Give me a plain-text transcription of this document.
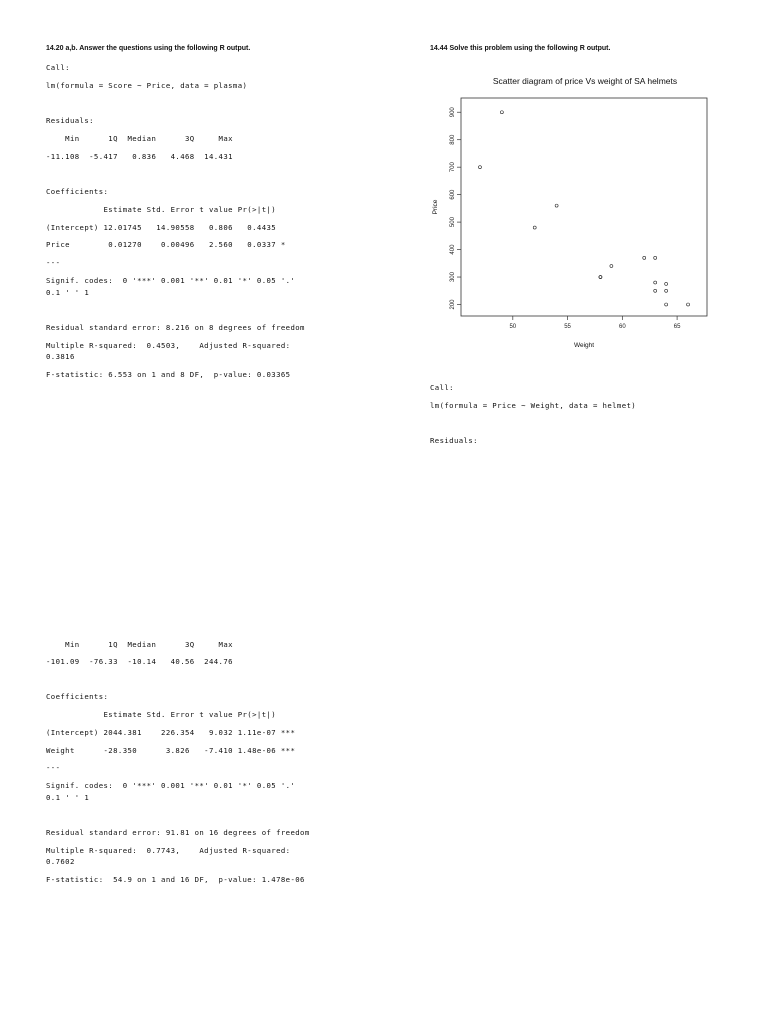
14.20 a,b. Answer the questions using the following R output.
Call:
lm(formula = Score ~ Price, data = plasma)
Residuals:
Min      1Q  Median      3Q     Max
-11.108  -5.417   0.836   4.468  14.431
Coefficients:
Estimate Std. Error t value Pr(>|t|)
(Intercept) 12.01745   14.90558   0.806   0.4435
Price        0.01270    0.00496   2.560   0.0337 *
---
Signif. codes:  0 '***' 0.001 '**' 0.01 '*' 0.05 '.'
0.1 ' ' 1
Residual standard error: 8.216 on 8 degrees of freedom
Multiple R-squared:  0.4503,    Adjusted R-squared:
0.3816
F-statistic: 6.553 on 1 and 8 DF,  p-value: 0.03365
Min      1Q  Median      3Q     Max
-101.09  -76.33  -10.14   40.56  244.76
Coefficients:
Estimate Std. Error t value Pr(>|t|)
(Intercept) 2044.381    226.354   9.032 1.11e-07 ***
Weight      -28.350      3.826   -7.410 1.48e-06 ***
---
Signif. codes:  0 '***' 0.001 '**' 0.01 '*' 0.05 '.'
0.1 ' ' 1
Residual standard error: 91.81 on 16 degrees of freedom
Multiple R-squared:  0.7743,    Adjusted R-squared:
0.7602
F-statistic:  54.9 on 1 and 16 DF,  p-value: 1.478e-06
14.44 Solve this problem using the following R output.
Scatter diagram of price Vs weight of SA helmets
200
300
400
500
600
700
800
900
50	55	60	65
Price
Weight
Call:
lm(formula = Price ~ Weight, data = helmet)
Residuals:
